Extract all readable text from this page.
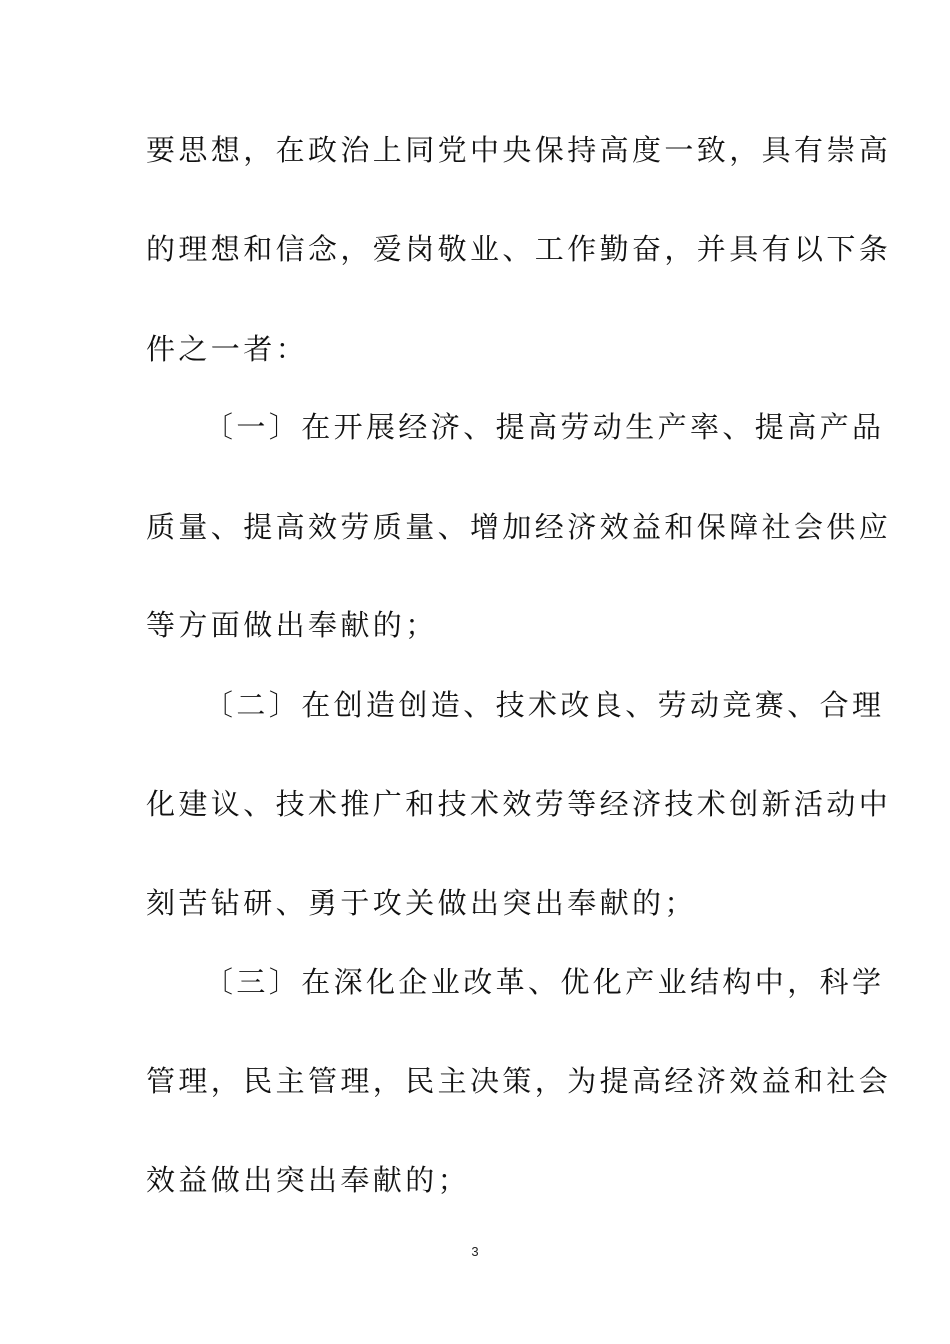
要思想，在政治上同党中央保持高度一致，具有崇高
的理想和信念，爱岗敬业、工作勤奋，并具有以下条
件之一者：
〔一〕在开展经济、提高劳动生产率、提高产品
质量、提高效劳质量、增加经济效益和保障社会供应
等方面做出奉献的；
〔二〕在创造创造、技术改良、劳动竞赛、合理
化建议、技术推广和技术效劳等经济技术创新活动中
刻苦钻研、勇于攻关做出突出奉献的；
〔三〕在深化企业改革、优化产业结构中，科学
管理，民主管理，民主决策，为提高经济效益和社会
效益做出突出奉献的；
3
